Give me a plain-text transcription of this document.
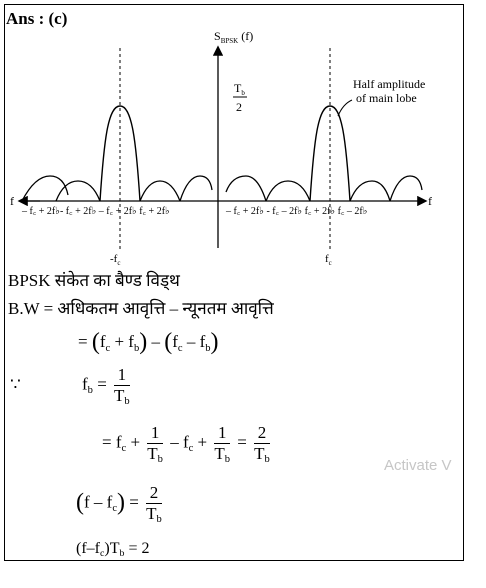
Ans : (c)
$S_{BPSK}$ (f)
$T_b$
2
Half amplitude
of main lobe
f	f
– f꜀ + 2f♭- f꜀ + 2f♭ – f꜀ + 2f♭ f꜀ + 2f♭	– f꜀ + 2f♭ - f꜀ – 2f♭ f꜀ + 2f♭ f꜀ – 2f♭
$-f_c$	$f_c$
BPSK संकेत का बैण्ड विड्थ
B.W = अधिकतम आवृत्ति – न्यूनतम आवृत्ति
= $(f_c + f_b) - (f_c - f_b)$
∵	$f_b = \frac{1}{T_b}$
= $f_c + \frac{1}{T_b} - f_c + \frac{1}{T_b} = \frac{2}{T_b}$
$(f - f_c) = \frac{2}{T_b}$
$(f-f_c)T_b = 2$
Activate V
